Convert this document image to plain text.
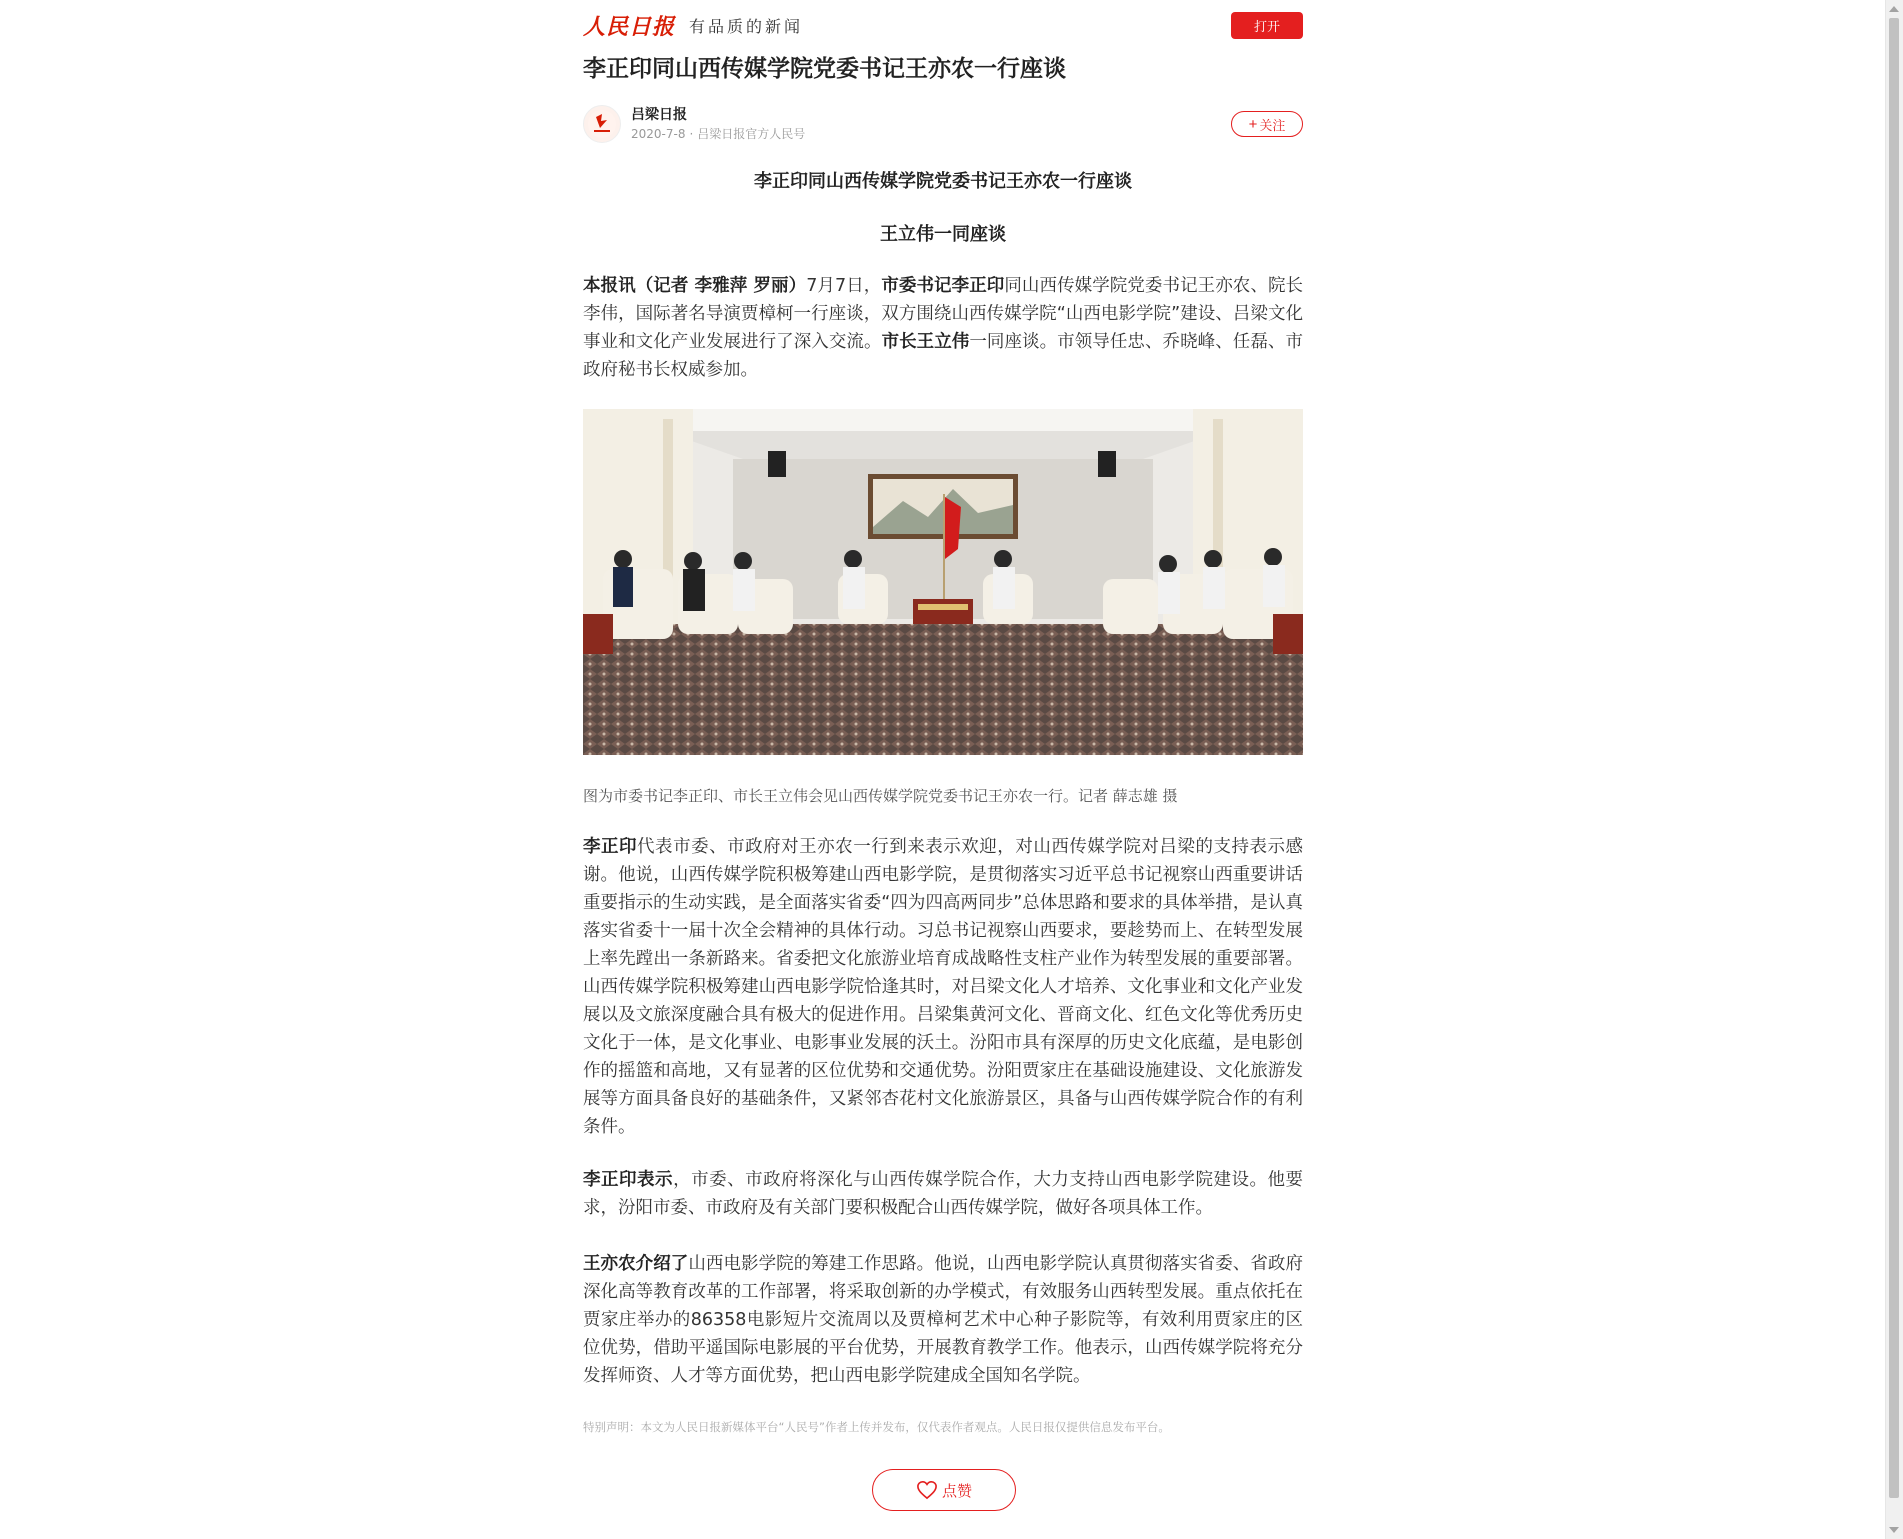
人民日报 有品质的新闻	打开
李正印同山西传媒学院党委书记王亦农一行座谈
吕梁日报
2020-7-8 · 吕梁日报官方人民号
+ 关注

李正印同山西传媒学院党委书记王亦农一行座谈

王立伟一同座谈

本报讯（记者 李雅萍 罗丽）7月7日，市委书记李正印同山西传媒学院党委书记王亦农、院长李伟，国际著名导演贾樟柯一行座谈，双方围绕山西传媒学院“山西电影学院”建设、吕梁文化事业和文化产业发展进行了深入交流。市长王立伟一同座谈。市领导任忠、乔晓峰、任磊、市政府秘书长权威参加。

图为市委书记李正印、市长王立伟会见山西传媒学院党委书记王亦农一行。记者 薛志雄 摄

李正印代表市委、市政府对王亦农一行到来表示欢迎，对山西传媒学院对吕梁的支持表示感谢。他说，山西传媒学院积极筹建山西电影学院，是贯彻落实习近平总书记视察山西重要讲话重要指示的生动实践，是全面落实省委“四为四高两同步”总体思路和要求的具体举措，是认真落实省委十一届十次全会精神的具体行动。习总书记视察山西要求，要趁势而上、在转型发展上率先蹚出一条新路来。省委把文化旅游业培育成战略性支柱产业作为转型发展的重要部署。山西传媒学院积极筹建山西电影学院恰逢其时，对吕梁文化人才培养、文化事业和文化产业发展以及文旅深度融合具有极大的促进作用。吕梁集黄河文化、晋商文化、红色文化等优秀历史文化于一体，是文化事业、电影事业发展的沃土。汾阳市具有深厚的历史文化底蕴，是电影创作的摇篮和高地，又有显著的区位优势和交通优势。汾阳贾家庄在基础设施建设、文化旅游发展等方面具备良好的基础条件，又紧邻杏花村文化旅游景区，具备与山西传媒学院合作的有利条件。

李正印表示，市委、市政府将深化与山西传媒学院合作，大力支持山西电影学院建设。他要求，汾阳市委、市政府及有关部门要积极配合山西传媒学院，做好各项具体工作。

王亦农介绍了山西电影学院的筹建工作思路。他说，山西电影学院认真贯彻落实省委、省政府深化高等教育改革的工作部署，将采取创新的办学模式，有效服务山西转型发展。重点依托在贾家庄举办的86358电影短片交流周以及贾樟柯艺术中心种子影院等，有效利用贾家庄的区位优势，借助平遥国际电影展的平台优势，开展教育教学工作。他表示，山西传媒学院将充分发挥师资、人才等方面优势，把山西电影学院建成全国知名学院。

特别声明：本文为人民日报新媒体平台“人民号”作者上传并发布，仅代表作者观点。人民日报仅提供信息发布平台。

点赞
